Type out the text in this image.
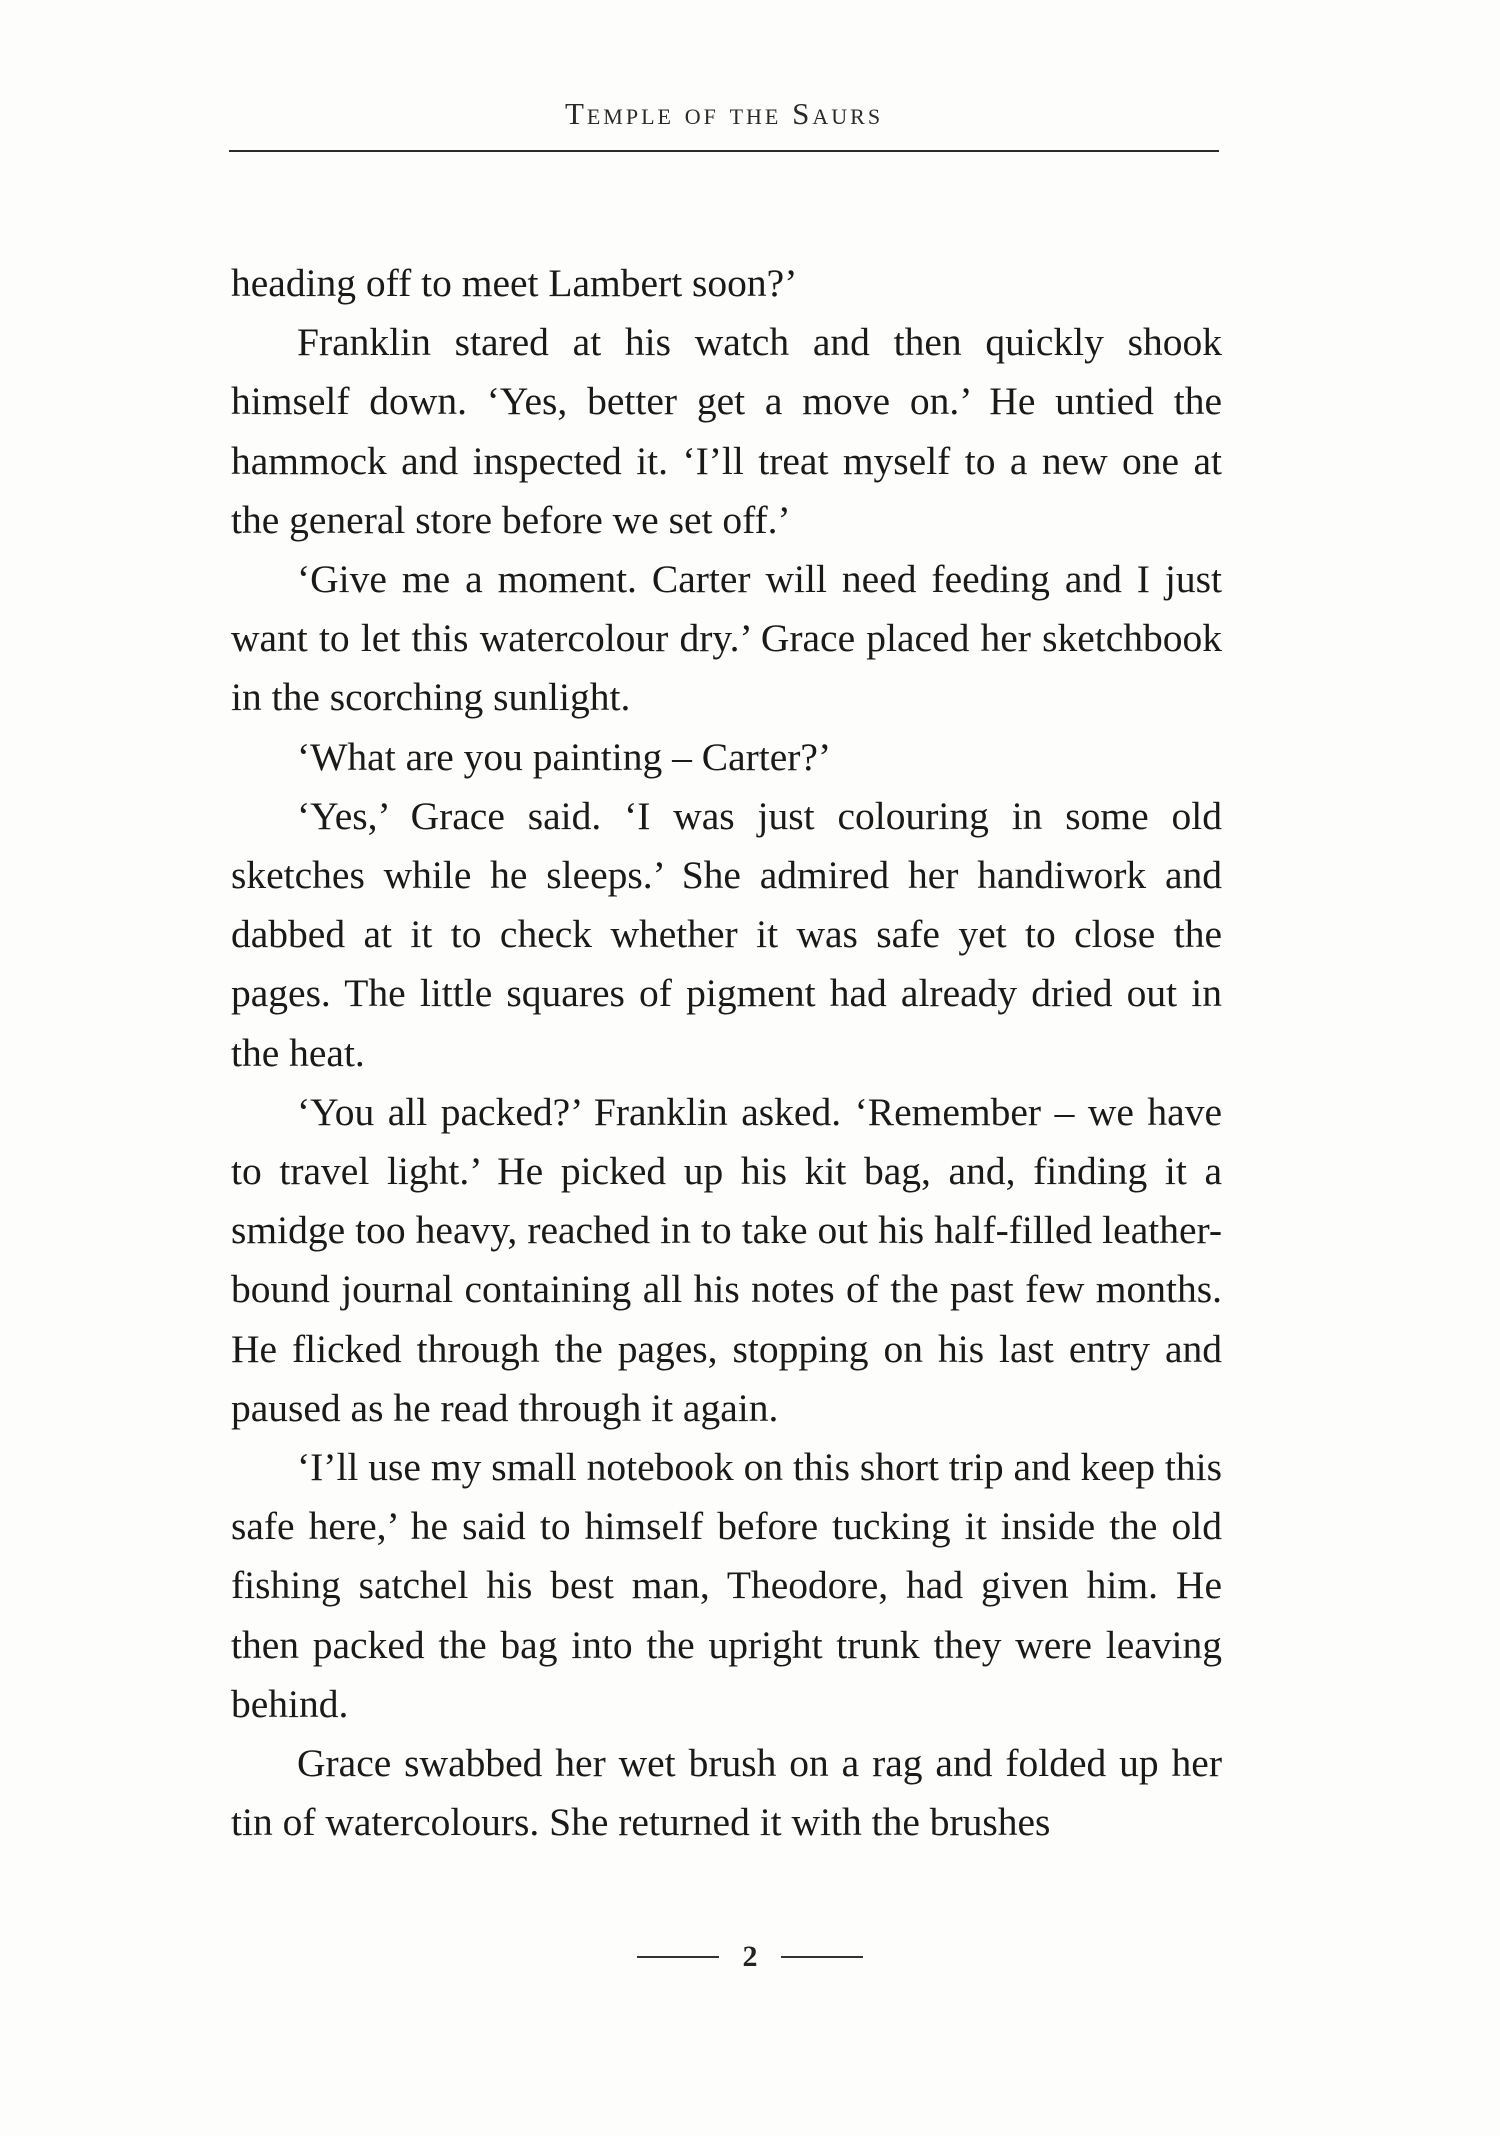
Temple of the Saurs

heading off to meet Lambert soon?’

Franklin stared at his watch and then quickly shook himself down. ‘Yes, better get a move on.’ He untied the hammock and inspected it. ‘I’ll treat myself to a new one at the general store before we set off.’

‘Give me a moment. Carter will need feeding and I just want to let this watercolour dry.’ Grace placed her sketchbook in the scorching sunlight.

‘What are you painting – Carter?’

‘Yes,’ Grace said. ‘I was just colouring in some old sketches while he sleeps.’ She admired her handiwork and dabbed at it to check whether it was safe yet to close the pages. The little squares of pigment had already dried out in the heat.

‘You all packed?’ Franklin asked. ‘Remember – we have to travel light.’ He picked up his kit bag, and, finding it a smidge too heavy, reached in to take out his half-filled leather-bound journal containing all his notes of the past few months. He flicked through the pages, stopping on his last entry and paused as he read through it again.

‘I’ll use my small notebook on this short trip and keep this safe here,’ he said to himself before tucking it inside the old fishing satchel his best man, Theodore, had given him. He then packed the bag into the upright trunk they were leaving behind.

Grace swabbed her wet brush on a rag and folded up her tin of watercolours. She returned it with the brushes

2
